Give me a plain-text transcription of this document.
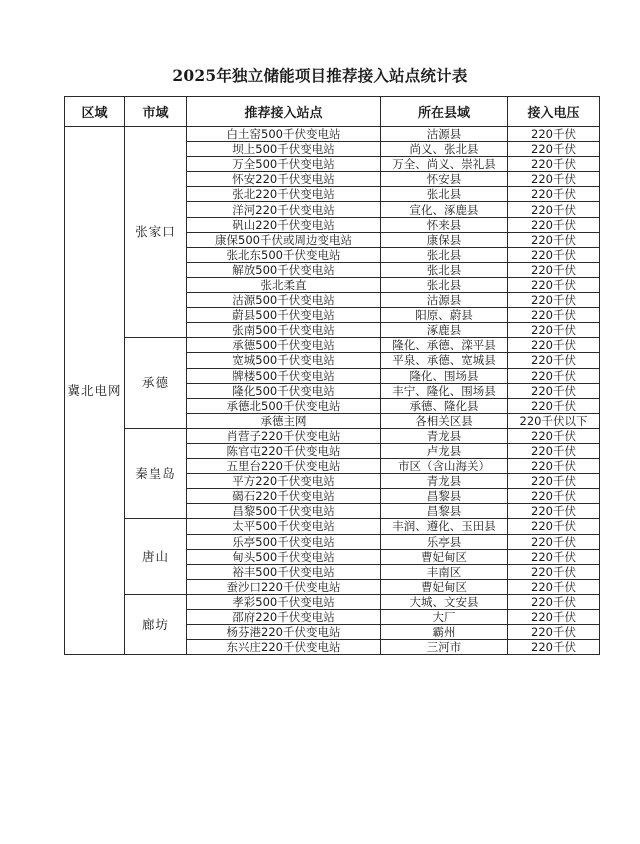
2025年独立储能项目推荐接入站点统计表
区域	市域	推荐接入站点	所在县域	接入电压
冀北电网	张家口	白土窑500千伏变电站	沽源县	220千伏
		坝上500千伏变电站	尚义、张北县	220千伏
		万全500千伏变电站	万全、尚义、崇礼县	220千伏
		怀安220千伏变电站	怀安县	220千伏
		张北220千伏变电站	张北县	220千伏
		洋河220千伏变电站	宣化、涿鹿县	220千伏
		矾山220千伏变电站	怀来县	220千伏
		康保500千伏或周边变电站	康保县	220千伏
		张北东500千伏变电站	张北县	220千伏
		解放500千伏变电站	张北县	220千伏
		张北柔直	张北县	220千伏
		沽源500千伏变电站	沽源县	220千伏
		蔚县500千伏变电站	阳原、蔚县	220千伏
		张南500千伏变电站	涿鹿县	220千伏
	承德	承德500千伏变电站	隆化、承德、滦平县	220千伏
		宽城500千伏变电站	平泉、承德、宽城县	220千伏
		牌楼500千伏变电站	隆化、围场县	220千伏
		隆化500千伏变电站	丰宁、隆化、围场县	220千伏
		承德北500千伏变电站	承德、隆化县	220千伏
		承德主网	各相关区县	220千伏以下
	秦皇岛	肖营子220千伏变电站	青龙县	220千伏
		陈官屯220千伏变电站	卢龙县	220千伏
		五里台220千伏变电站	市区（含山海关）	220千伏
		平方220千伏变电站	青龙县	220千伏
		碣石220千伏变电站	昌黎县	220千伏
		昌黎500千伏变电站	昌黎县	220千伏
	唐山	太平500千伏变电站	丰润、遵化、玉田县	220千伏
		乐亭500千伏变电站	乐亭县	220千伏
		甸头500千伏变电站	曹妃甸区	220千伏
		裕丰500千伏变电站	丰南区	220千伏
		蚕沙口220千伏变电站	曹妃甸区	220千伏
	廊坊	孝彩500千伏变电站	大城、文安县	220千伏
		邵府220千伏变电站	大厂	220千伏
		杨芬港220千伏变电站	霸州	220千伏
		东兴庄220千伏变电站	三河市	220千伏
